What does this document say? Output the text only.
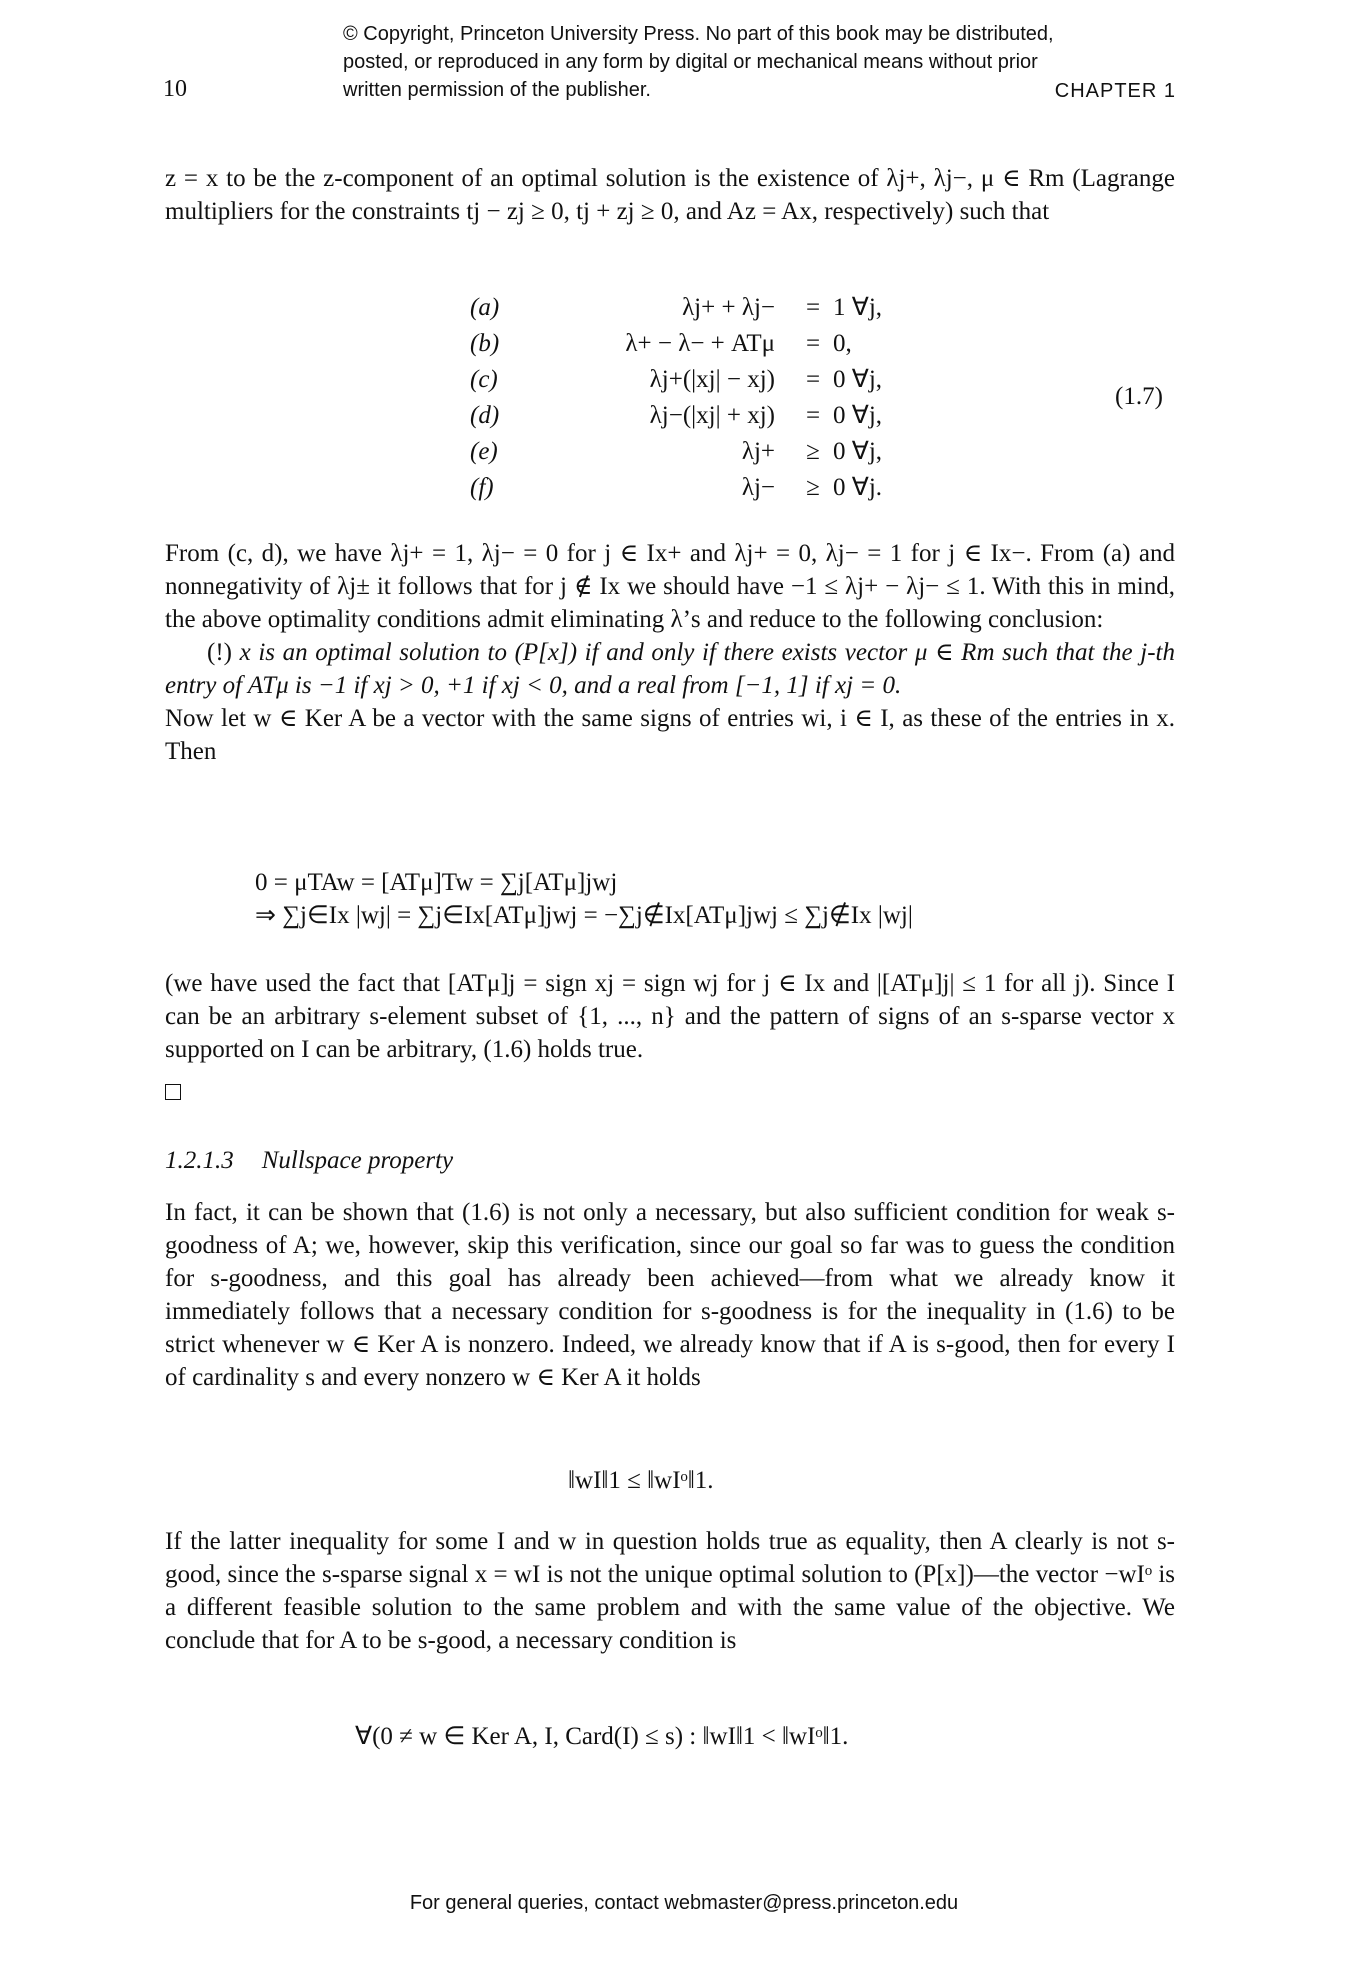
© Copyright, Princeton University Press. No part of this book may be distributed, posted, or reproduced in any form by digital or mechanical means without prior written permission of the publisher.
10	CHAPTER 1

z = x to be the z-component of an optimal solution is the existence of λj+, λj−, μ ∈ Rm (Lagrange multipliers for the constraints tj − zj ≥ 0, tj + zj ≥ 0, and Az = Ax, respectively) such that

(a)	λj+ + λj−	=	1 ∀j,
(b)	λ+ − λ− + ATμ	=	0,
(c)	λj+(|xj| − xj)	=	0 ∀j,
(d)	λj−(|xj| + xj)	=	0 ∀j,
(e)	λj+	≥	0 ∀j,
(f)	λj−	≥	0 ∀j.
(1.7)

From (c, d), we have λj+ = 1, λj− = 0 for j ∈ Ix+ and λj+ = 0, λj− = 1 for j ∈ Ix−. From (a) and nonnegativity of λj± it follows that for j ∉ Ix we should have −1 ≤ λj+ − λj− ≤ 1. With this in mind, the above optimality conditions admit eliminating λ’s and reduce to the following conclusion:

(!) x is an optimal solution to (P[x]) if and only if there exists vector μ ∈ Rm such that the j-th entry of ATμ is −1 if xj > 0, +1 if xj < 0, and a real from [−1, 1] if xj = 0.

Now let w ∈ Ker A be a vector with the same signs of entries wi, i ∈ I, as these of the entries in x. Then

0 = μTAw = [ATμ]Tw = ∑j[ATμ]jwj
⇒ ∑j∈Ix |wj| = ∑j∈Ix[ATμ]jwj = −∑j∉Ix[ATμ]jwj ≤ ∑j∉Ix |wj|

(we have used the fact that [ATμ]j = sign xj = sign wj for j ∈ Ix and |[ATμ]j| ≤ 1 for all j). Since I can be an arbitrary s-element subset of {1, ..., n} and the pattern of signs of an s-sparse vector x supported on I can be arbitrary, (1.6) holds true.

1.2.1.3 Nullspace property

In fact, it can be shown that (1.6) is not only a necessary, but also sufficient condition for weak s-goodness of A; we, however, skip this verification, since our goal so far was to guess the condition for s-goodness, and this goal has already been achieved—from what we already know it immediately follows that a necessary condition for s-goodness is for the inequality in (1.6) to be strict whenever w ∈ Ker A is nonzero. Indeed, we already know that if A is s-good, then for every I of cardinality s and every nonzero w ∈ Ker A it holds

‖wI‖1 ≤ ‖wIᵒ‖1.

If the latter inequality for some I and w in question holds true as equality, then A clearly is not s-good, since the s-sparse signal x = wI is not the unique optimal solution to (P[x])—the vector −wIᵒ is a different feasible solution to the same problem and with the same value of the objective. We conclude that for A to be s-good, a necessary condition is

∀(0 ≠ w ∈ Ker A, I, Card(I) ≤ s) : ‖wI‖1 < ‖wIᵒ‖1.
For general queries, contact webmaster@press.princeton.edu
